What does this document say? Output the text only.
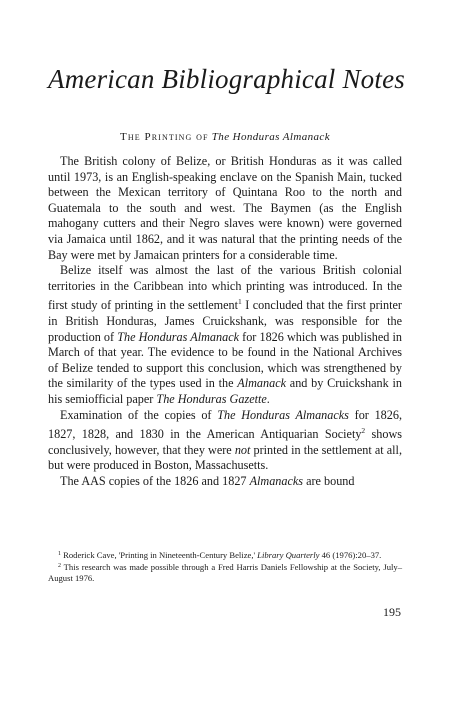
American Bibliographical Notes
The Printing of The Honduras Almanack

The British colony of Belize, or British Honduras as it was called until 1973, is an English-speaking enclave on the Spanish Main, tucked between the Mexican territory of Quintana Roo to the north and Guatemala to the south and west. The Baymen (as the English mahogany cutters and their Negro slaves were known) were governed via Jamaica until 1862, and it was natural that the printing needs of the Bay were met by Jamaican printers for a considerable time.

Belize itself was almost the last of the various British colonial territories in the Caribbean into which printing was introduced. In the first study of printing in the settlement$^1$ I concluded that the first printer in British Honduras, James Cruickshank, was responsible for the production of The Honduras Almanack for 1826 which was published in March of that year. The evidence to be found in the National Archives of Belize tended to support this conclusion, which was strengthened by the similarity of the types used in the Almanack and by Cruickshank in his semiofficial paper The Honduras Gazette.

Examination of the copies of The Honduras Almanacks for 1826, 1827, 1828, and 1830 in the American Antiquarian Society$^2$ shows conclusively, however, that they were not printed in the settlement at all, but were produced in Boston, Massachusetts.

The AAS copies of the 1826 and 1827 Almanacks are bound

$^1$ Roderick Cave, 'Printing in Nineteenth-Century Belize,' Library Quarterly 46 (1976):20–37.

$^2$ This research was made possible through a Fred Harris Daniels Fellowship at the Society, July–August 1976.

195
